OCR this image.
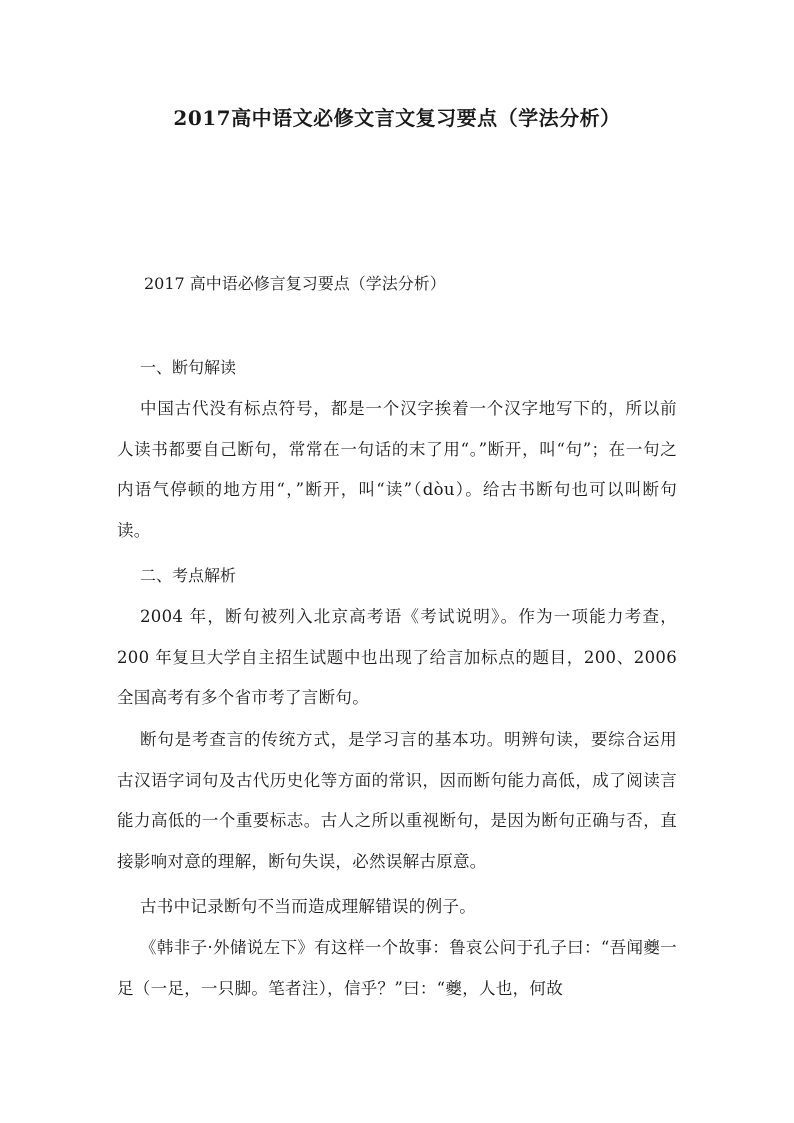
2017高中语文必修文言文复习要点（学法分析）
2017 高中语必修言复习要点（学法分析）
一、断句解读
中国古代没有标点符号，都是一个汉字挨着一个汉字地写下的，所以前人读书都要自己断句，常常在一句话的末了用“。”断开，叫“句”；在一句之内语气停顿的地方用“，”断开，叫“读”（dòu）。给古书断句也可以叫断句读。
二、考点解析
2004 年，断句被列入北京高考语《考试说明》。作为一项能力考查，200 年复旦大学自主招生试题中也出现了给言加标点的题目，200、2006 全国高考有多个省市考了言断句。
断句是考查言的传统方式，是学习言的基本功。明辨句读，要综合运用古汉语字词句及古代历史化等方面的常识，因而断句能力高低，成了阅读言能力高低的一个重要标志。古人之所以重视断句，是因为断句正确与否，直接影响对意的理解，断句失误，必然误解古原意。
古书中记录断句不当而造成理解错误的例子。
《韩非子·外储说左下》有这样一个故事：鲁哀公问于孔子曰：“吾闻夔一足（一足，一只脚。笔者注），信乎？”曰：“夔，人也，何故
